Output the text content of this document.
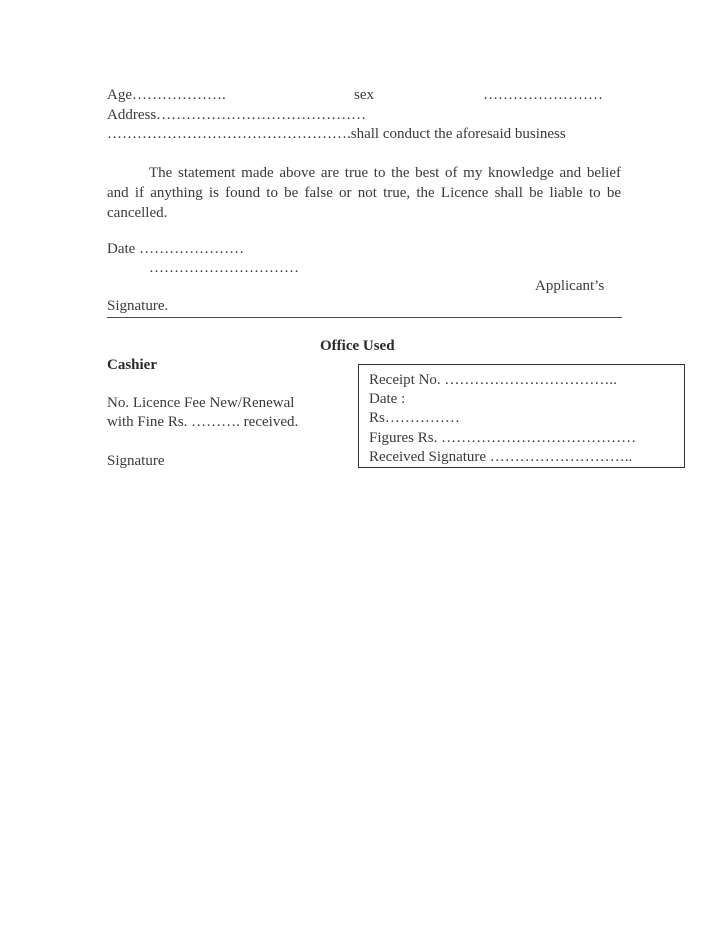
Age……………….	sex	……………………
Address……………………………………
………………………………………….shall conduct the aforesaid business
The statement made above are true to the best of my knowledge and belief and if anything is found to be false or not true, the Licence shall be liable to be cancelled.
Date …………………
…………………………
Applicant’s
Signature.
Office Used
Cashier
No. Licence Fee New/Renewal
with Fine Rs. ………. received.
Signature
Receipt No. ……………………………..
Date :
Rs……………
Figures Rs. …………………………………
Received Signature ………………………..
